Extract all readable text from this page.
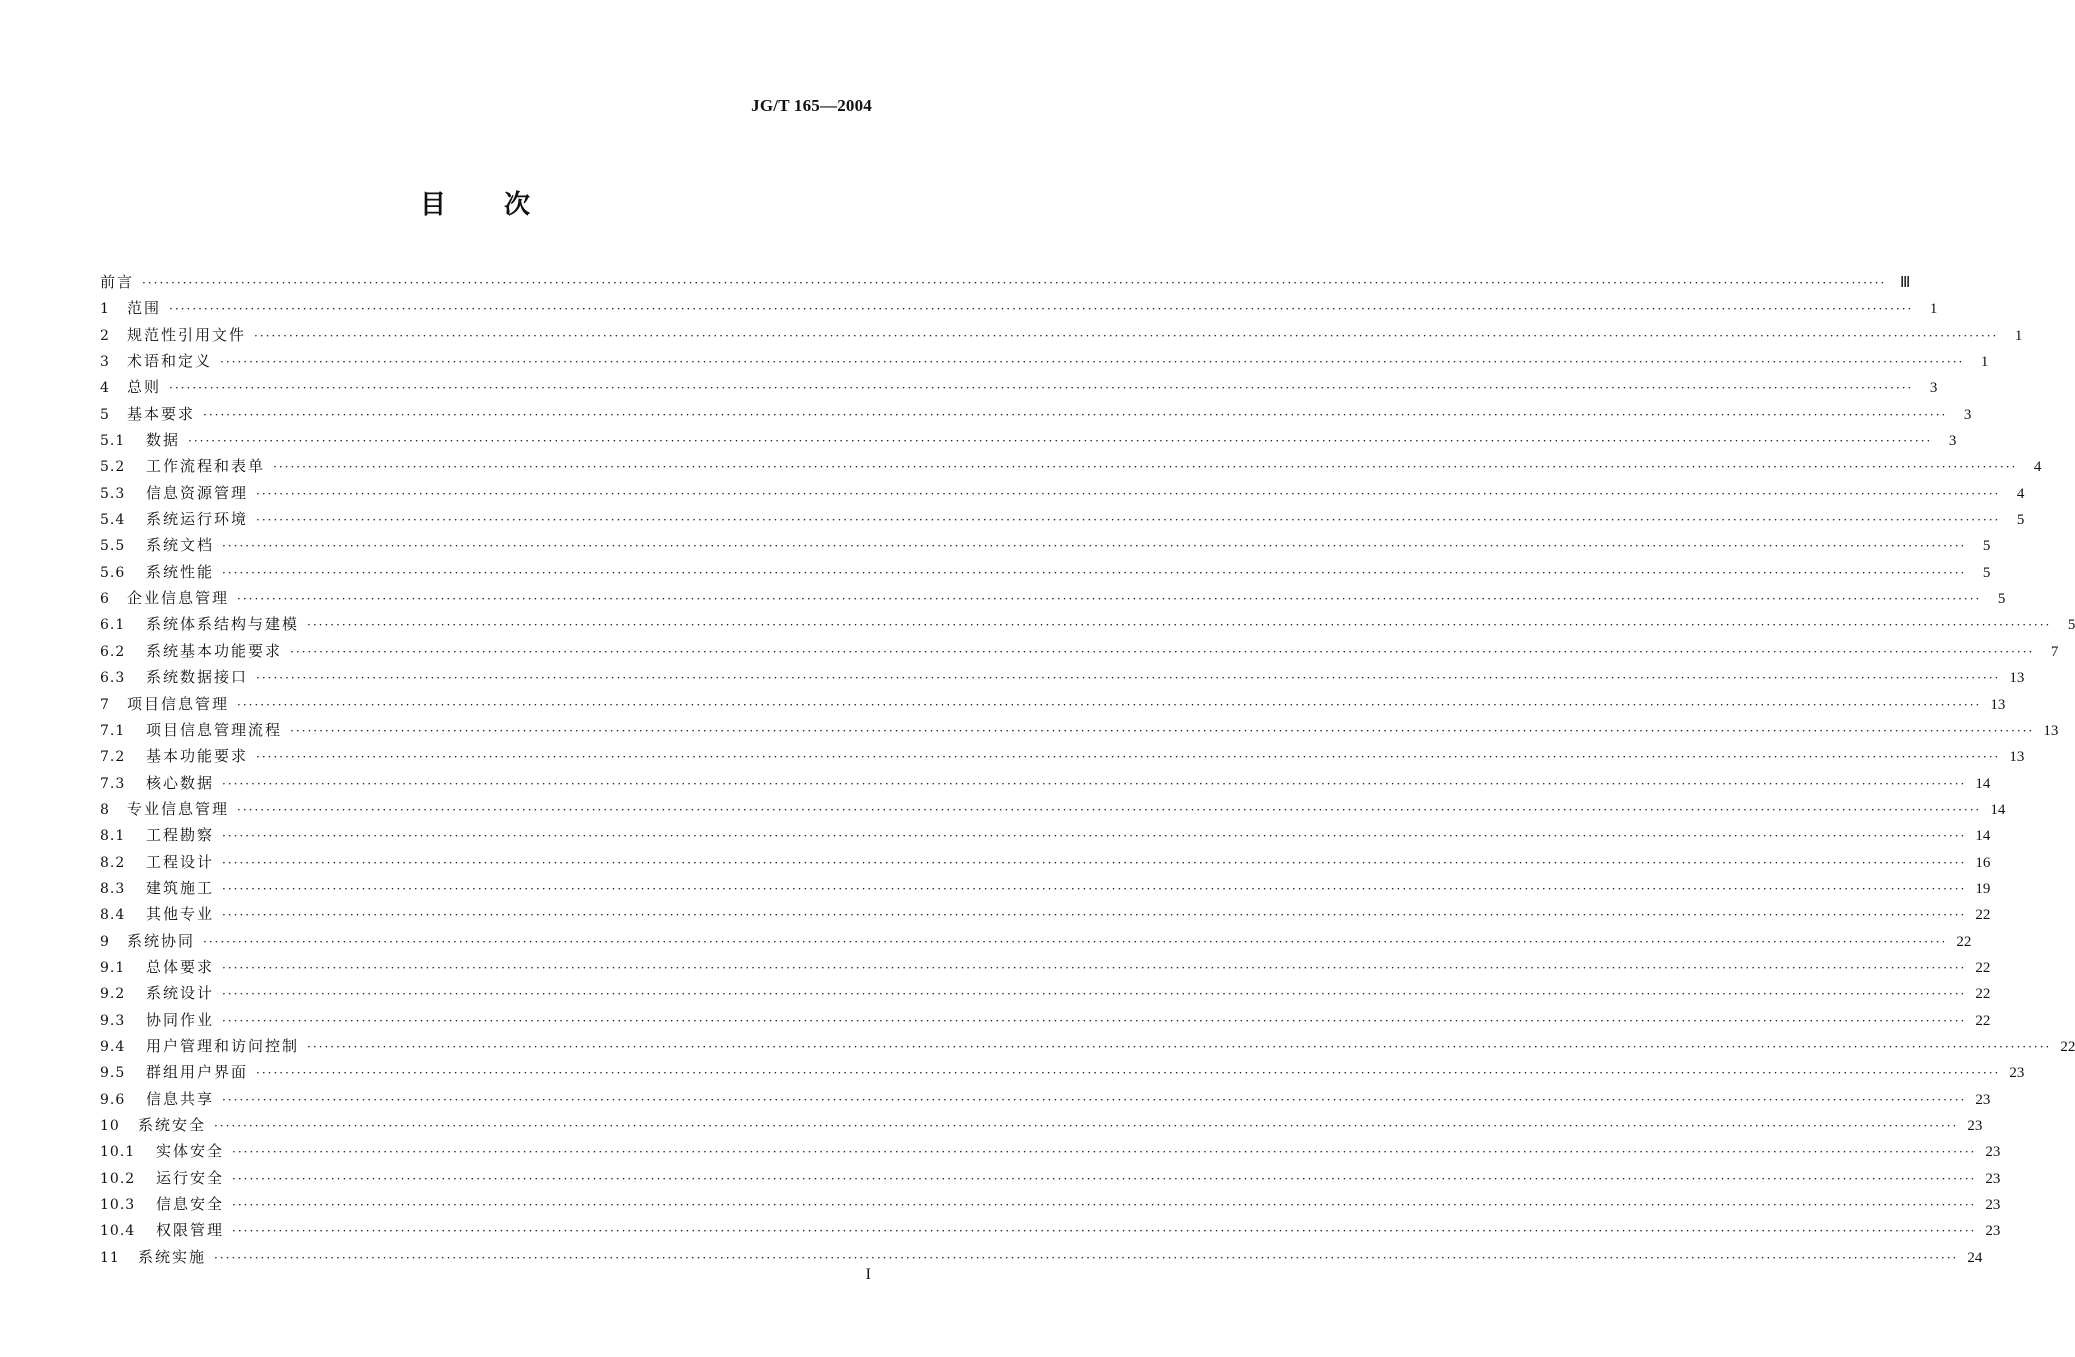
JG/T 165—2004
目 次
前言 ············································································································································································································································································································ Ⅲ
1	范围 ············································································································································································································································································································	1
2	规范性引用文件 ············································································································································································································································································································	1
3	术语和定义 ············································································································································································································································································································	1
4	总则 ············································································································································································································································································································	3
5	基本要求 ············································································································································································································································································································	3
5.1	数据 ············································································································································································································································································································	3
5.2	工作流程和表单 ············································································································································································································································································································	4
5.3	信息资源管理 ············································································································································································································································································································	4
5.4	系统运行环境 ············································································································································································································································································································	5
5.5	系统文档 ············································································································································································································································································································	5
5.6	系统性能 ············································································································································································································································································································	5
6	企业信息管理 ············································································································································································································································································································	5
6.1	系统体系结构与建模 ············································································································································································································································································································	5
6.2	系统基本功能要求 ············································································································································································································································································································	7
6.3	系统数据接口 ············································································································································································································································································································ 13
7	项目信息管理 ············································································································································································································································································································ 13
7.1	项目信息管理流程 ············································································································································································································································································································ 13
7.2	基本功能要求 ············································································································································································································································································································ 13
7.3	核心数据 ············································································································································································································································································································ 14
8	专业信息管理 ············································································································································································································································································································ 14
8.1	工程勘察 ············································································································································································································································································································ 14
8.2	工程设计 ············································································································································································································································································································ 16
8.3	建筑施工 ············································································································································································································································································································ 19
8.4	其他专业 ············································································································································································································································································································ 22
9	系统协同 ············································································································································································································································································································ 22
9.1	总体要求 ············································································································································································································································································································ 22
9.2	系统设计 ············································································································································································································································································································ 22
9.3	协同作业 ············································································································································································································································································································ 22
9.4	用户管理和访问控制 ············································································································································································································································································································ 22
9.5	群组用户界面 ············································································································································································································································································································ 23
9.6	信息共享 ············································································································································································································································································································ 23
10	系统安全 ············································································································································································································································································································ 23
10.1	实体安全 ············································································································································································································································································································ 23
10.2	运行安全 ············································································································································································································································································································ 23
10.3	信息安全 ············································································································································································································································································································ 23
10.4	权限管理 ············································································································································································································································································································ 23
11	系统实施 ············································································································································································································································································································ 24
I
